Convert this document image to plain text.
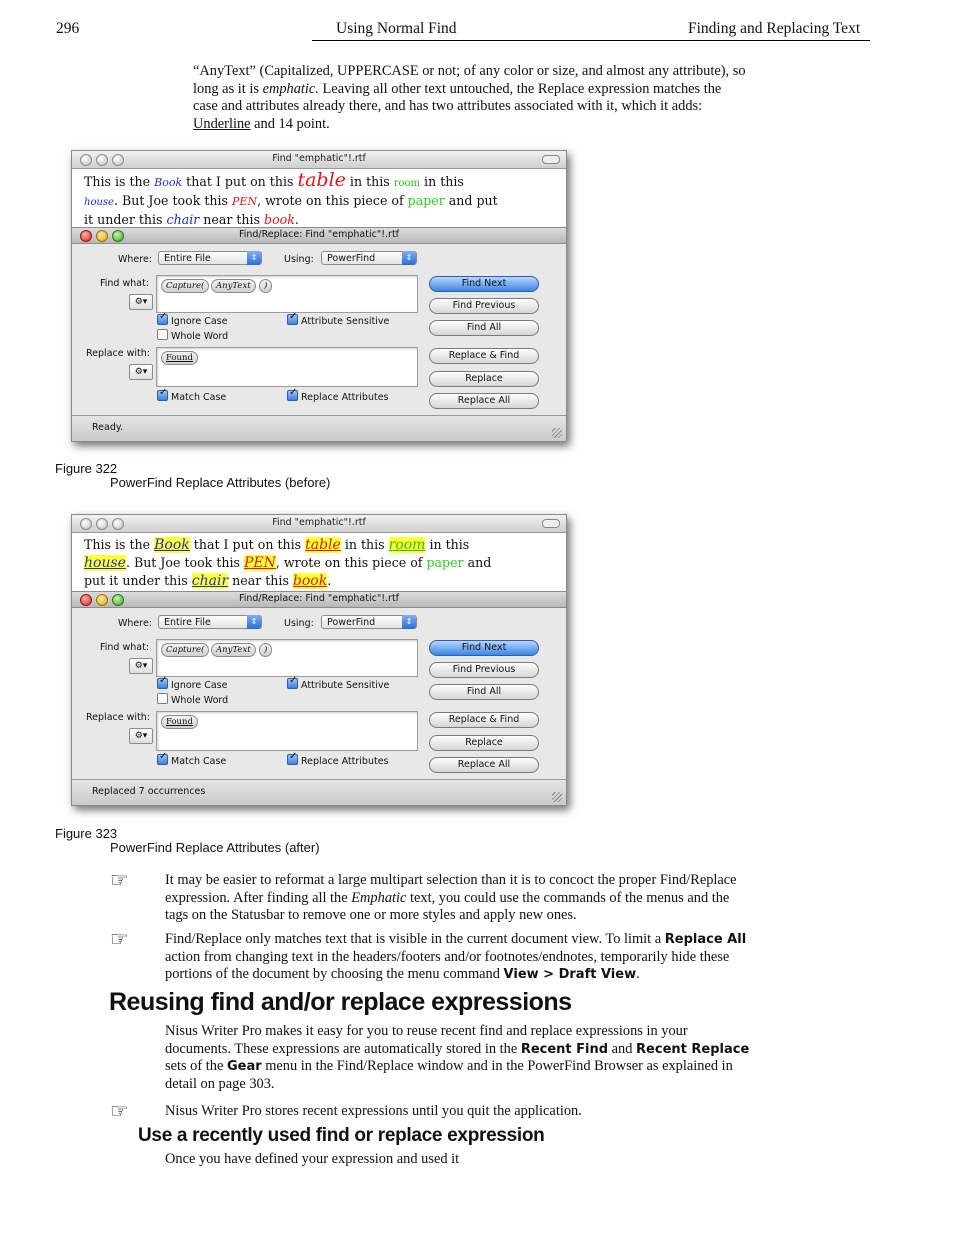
296	Using Normal Find	Finding and Replacing Text
“AnyText” (Capitalized, UPPERCASE or not; of any color or size, and almost any attribute), so
long as it is emphatic. Leaving all other text untouched, the Replace expression matches the
case and attributes already there, and has two attributes associated with it, which it adds:
Underline and 14 point.
Find "emphatic"!.rtf
This is the Book that I put on this table in this room in this
house. But Joe took this PEN, wrote on this piece of paper and put
it under this chair near this book.
Find/Replace: Find "emphatic"!.rtf
Where:	Entire File	⇕	Using:	PowerFind	⇕
Find what:
⚙▾
Capture(	AnyText	)
✓Ignore Case
Whole Word
✓Attribute Sensitive
Replace with:
⚙▾
Found
✓Match Case ✓	Replace Attributes
Find Next
Find Previous
Find All
Replace & Find
Replace
Replace All
Ready.
Figure 322
PowerFind Replace Attributes (before)
Find "emphatic"!.rtf
This is the Book that I put on this table in this room in this
house. But Joe took this PEN, wrote on this piece of paper and
put it under this chair near this book.
Find/Replace: Find "emphatic"!.rtf
Where:	Entire File	⇕	Using:	PowerFind	⇕
Find what:
⚙▾
Capture(	AnyText	)
✓Ignore Case
Whole Word
✓Attribute Sensitive
Replace with:
⚙▾
Found
✓Match Case ✓	Replace Attributes
Find Next
Find Previous
Find All
Replace & Find
Replace
Replace All
Replaced 7 occurrences
Figure 323
PowerFind Replace Attributes (after)
☞	It may be easier to reformat a large multipart selection than it is to concoct the proper Find/Replace
expression. After finding all the Emphatic text, you could use the commands of the menus and the
tags on the Statusbar to remove one or more styles and apply new ones.
☞	Find/Replace only matches text that is visible in the current document view. To limit a Replace All
action from changing text in the headers/footers and/or footnotes/endnotes, temporarily hide these
portions of the document by choosing the menu command View > Draft View.
Reusing find and/or replace expressions
Nisus Writer Pro makes it easy for you to reuse recent find and replace expressions in your
documents. These expressions are automatically stored in the Recent Find and Recent Replace
sets of the Gear menu in the Find/Replace window and in the PowerFind Browser as explained in
detail on page 303.
☞	Nisus Writer Pro stores recent expressions until you quit the application.
Use a recently used find or replace expression
Once you have defined your expression and used it
